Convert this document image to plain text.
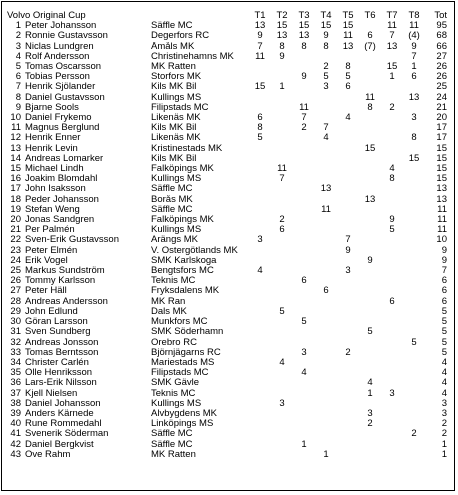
Volvo Original Cup			T1	T2	T3	T4	T5	T6	T7	T8	Tot
1	Peter Johansson	Säffle MC	13	15	15	15	15		11	11	95
2	Ronnie Gustavsson	Degerfors RC	9	13	13	9	11	6	7	(4)	68
3	Niclas Lundgren	Åmåls MK	7	8	8	8	13	(7)	13	9	66
4	Rolf Andersson	Christinehamns MK	11	9						7	27
5	Tomas Oscarsson	MK Ratten				2	8		15	1	26
6	Tobias Persson	Storfors MK			9	5	5		1	6	26
7	Henrik Sjölander	Kils MK Bil	15	1		3	6				25
8	Daniel Gustavsson	Kullings MS						11		13	24
9	Bjarne Sools	Filipstads MC			11			8	2		21
10	Daniel Frykemo	Likenäs MK	6		7		4			3	20
11	Magnus Berglund	Kils MK Bil	8		2	7					17
12	Henrik Enner	Likenäs MK	5			4				8	17
13	Henrik Levin	Kristinestads MK						15			15
14	Andreas Lomarker	Kils MK Bil								15	15
15	Michael Lindh	Falköpings MK		11					4		15
16	Joakim Blomdahl	Kullings MS		7					8		15
17	John Isaksson	Säffle MC				13					13
18	Peder Johansson	Borås MK						13			13
19	Stefan Weng	Säffle MC				11					11
20	Jonas Sandgren	Falköpings MK		2					9		11
21	Per Palmén	Kullings MS		6					5		11
22	Sven-Erik Gustavsson	Arängs MK	3				7				10
23	Peter Elmén	V. Östergötlands MK					9				9
24	Erik Vogel	SMK Karlskoga						9			9
25	Markus Sundström	Bengtsfors MC	4				3				7
26	Tommy Karlsson	Teknis MC			6						6
27	Peter Häll	Fryksdalens MK				6					6
28	Andreas Andersson	MK Ran							6		6
29	John Edlund	Dals MK		5							5
30	Göran Larsson	Munkfors MC			5						5
31	Sven Sundberg	SMK Söderhamn						5			5
32	Andreas Jonsson	Örebro RC								5	5
33	Tomas Berntsson	Björnjägarns RC			3		2				5
34	Christer Carlén	Mariestads MS		4							4
35	Olle Henriksson	Filipstads MC			4						4
36	Lars-Erik Nilsson	SMK Gävle						4			4
37	Kjell Nielsen	Teknis MC						1	3		4
38	Daniel Johansson	Kullings MS		3							3
39	Anders Kärnede	Älvbygdens MK						3			3
40	Rune Rommedahl	Linköpings MS						2			2
41	Svenerik Söderman	Säffle MC								2	2
42	Daniel Bergkvist	Säffle MC			1						1
43	Ove Rahm	MK Ratten				1					1
